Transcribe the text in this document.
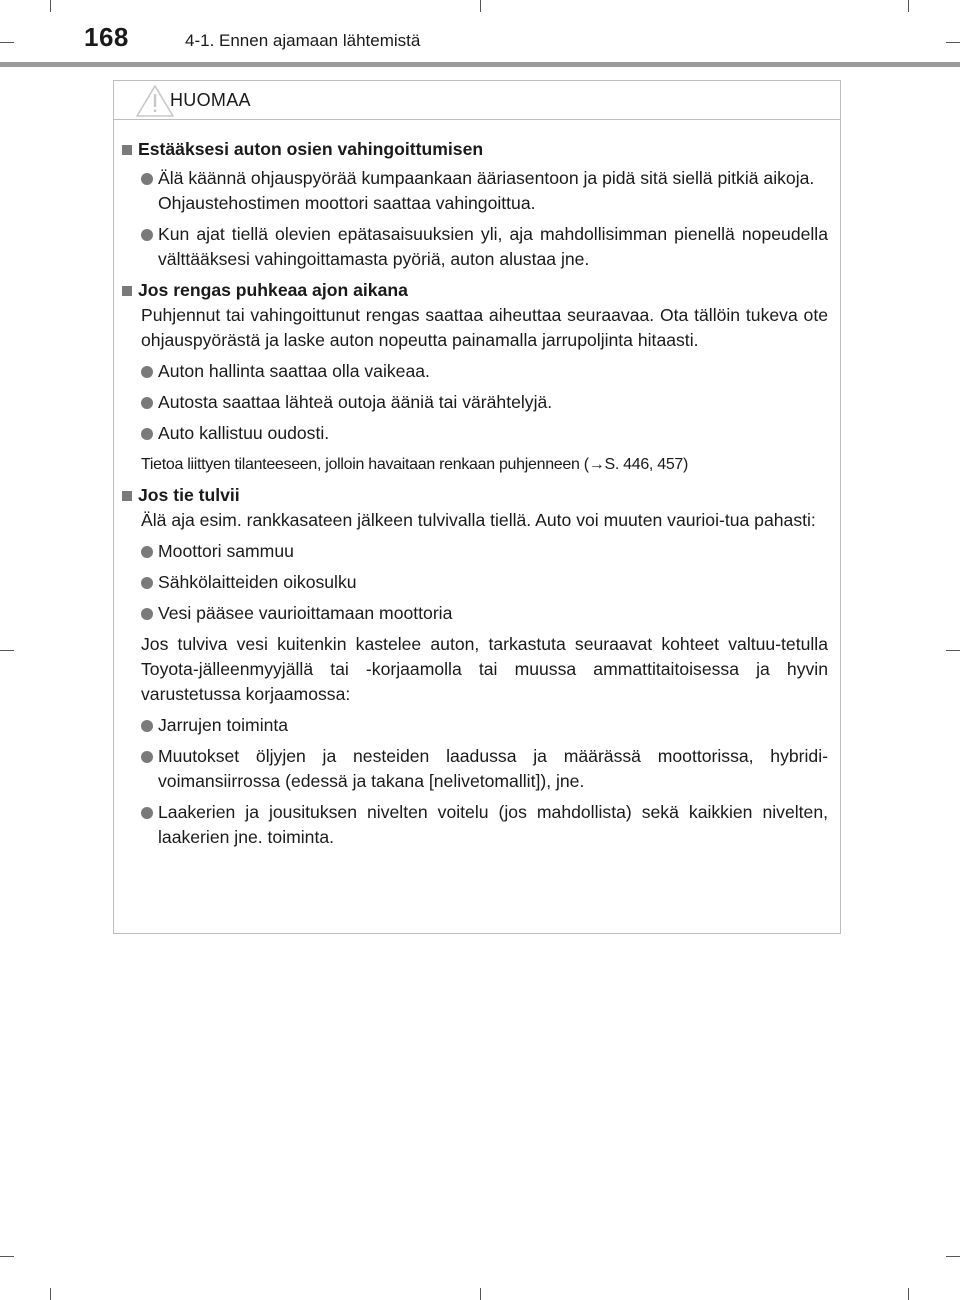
168	4-1. Ennen ajamaan lähtemistä
HUOMAA
Estääksesi auton osien vahingoittumisen
Älä käännä ohjauspyörää kumpaankaan ääriasentoon ja pidä sitä siellä pitkiä aikoja.
Ohjaustehostimen moottori saattaa vahingoittua.
Kun ajat tiellä olevien epätasaisuuksien yli, aja mahdollisimman pienellä nopeudella välttääksesi vahingoittamasta pyöriä, auton alustaa jne.
Jos rengas puhkeaa ajon aikana
Puhjennut tai vahingoittunut rengas saattaa aiheuttaa seuraavaa. Ota tällöin tukeva ote ohjauspyörästä ja laske auton nopeutta painamalla jarrupoljinta hitaasti.
Auton hallinta saattaa olla vaikeaa.
Autosta saattaa lähteä outoja ääniä tai värähtelyjä.
Auto kallistuu oudosti.
Tietoa liittyen tilanteeseen, jolloin havaitaan renkaan puhjenneen (→S. 446, 457)
Jos tie tulvii
Älä aja esim. rankkasateen jälkeen tulvivalla tiellä. Auto voi muuten vaurioi-tua pahasti:
Moottori sammuu
Sähkölaitteiden oikosulku
Vesi pääsee vaurioittamaan moottoria
Jos tulviva vesi kuitenkin kastelee auton, tarkastuta seuraavat kohteet valtuu-tetulla Toyota-jälleenmyyjällä tai -korjaamolla tai muussa ammattitaitoisessa ja hyvin varustetussa korjaamossa:
Jarrujen toiminta
Muutokset öljyjen ja nesteiden laadussa ja määrässä moottorissa, hybridi-voimansiirrossa (edessä ja takana [nelivetomallit]), jne.
Laakerien ja jousituksen nivelten voitelu (jos mahdollista) sekä kaikkien nivelten, laakerien jne. toiminta.
